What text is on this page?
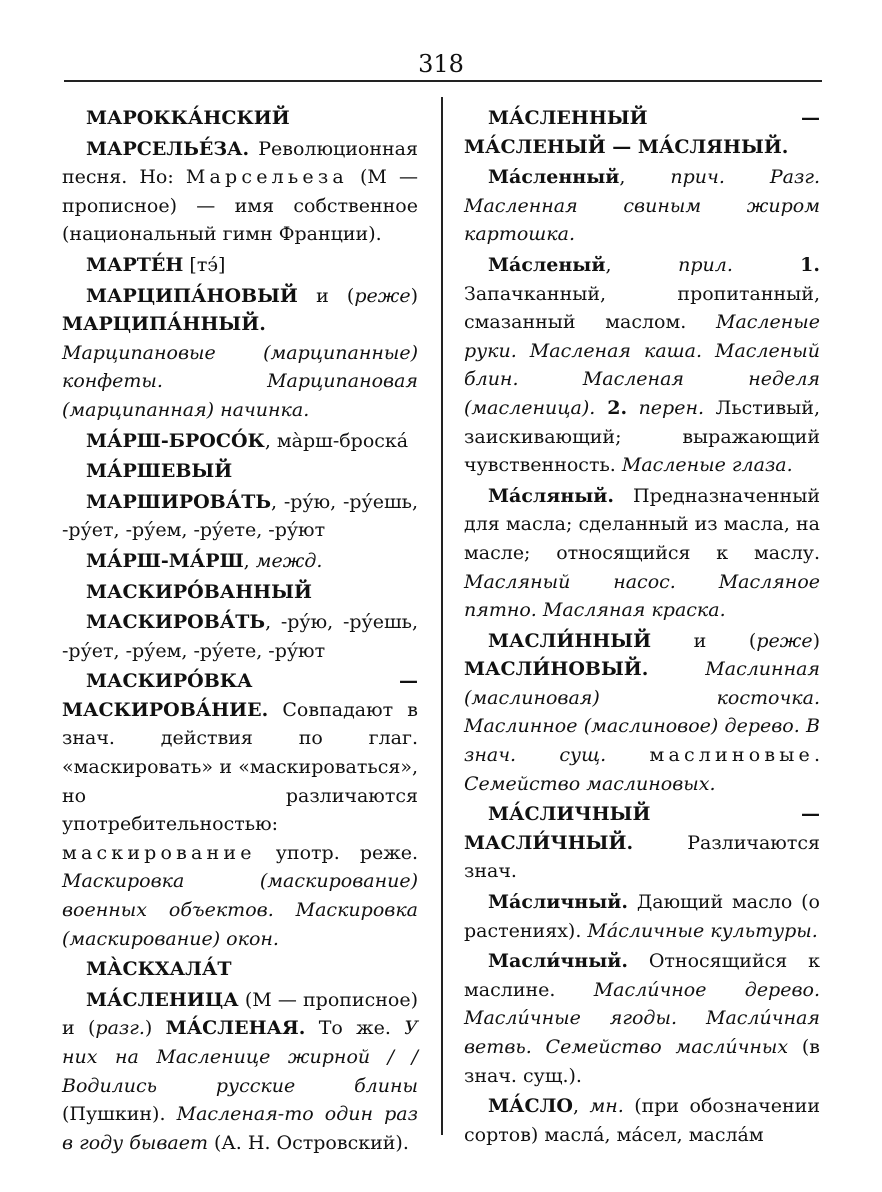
318

МАРОККА́НСКИЙ

МАРСЕЛЬЕ́ЗА. Революционная песня. Но: Марсельеза (М — прописное) — имя собственное (национальный гимн Франции).

МАРТЕ́Н [тэ́]

МАРЦИПА́НОВЫЙ и (реже) МАРЦИПА́ННЫЙ. Марципановые (марципанные) конфеты. Марципановая (марципанная) начинка.

МА́РШ-БРОСО́К, ма̀рш-броска́

МА́РШЕВЫЙ

МАРШИРОВА́ТЬ, -ру́ю, -ру́ешь, -ру́ет, -ру́ем, -ру́ете, -ру́ют

МА́РШ-МА́РШ, межд.

МАСКИРО́ВАННЫЙ

МАСКИРОВА́ТЬ, -ру́ю, -ру́ешь, -ру́ет, -ру́ем, -ру́ете, -ру́ют

МАСКИРО́ВКА — МАСКИРОВА́НИЕ. Совпадают в знач. действия по глаг. «маскировать» и «маскироваться», но различаются употребительностью: маскирование употр. реже. Маскировка (маскирование) военных объектов. Маскировка (маскирование) окон.

МА̀СКХАЛА́Т

МА́СЛЕНИЦА (М — прописное) и (разг.) МА́СЛЕНАЯ. То же. У них на Масленице жирной / / Водились русские блины (Пушкин). Масленая-то один раз в году бывает (А. Н. Островский).

МА́СЛЕННЫЙ — МА́СЛЕНЫЙ — МА́СЛЯНЫЙ.

Ма́сленный, прич. Разг. Масленная свиным жиром картошка.

Ма́сленый, прил. 1. Запачканный, пропитанный, смазанный маслом. Масленые руки. Масленая каша. Масленый блин. Масленая неделя (масленица). 2. перен. Льстивый, заискивающий; выражающий чувственность. Масленые глаза.

Ма́сляный. Предназначенный для масла; сделанный из масла, на масле; относящийся к маслу. Масляный насос. Масляное пятно. Масляная краска.

МАСЛИ́ННЫЙ и (реже) МАСЛИ́НОВЫЙ. Маслинная (маслиновая) косточка. Маслинное (маслиновое) дерево. В знач. сущ. маслиновые. Семейство маслиновых.

МА́СЛИЧНЫЙ — МАСЛИ́ЧНЫЙ. Различаются знач.

Ма́сличный. Дающий масло (о растениях). Ма́сличные культуры.

Масли́чный. Относящийся к маслине. Масли́чное дерево. Масли́чные ягоды. Масли́чная ветвь. Семейство масли́чных (в знач. сущ.).

МА́СЛО, мн. (при обозначении сортов) масла́, ма́сел, масла́м
